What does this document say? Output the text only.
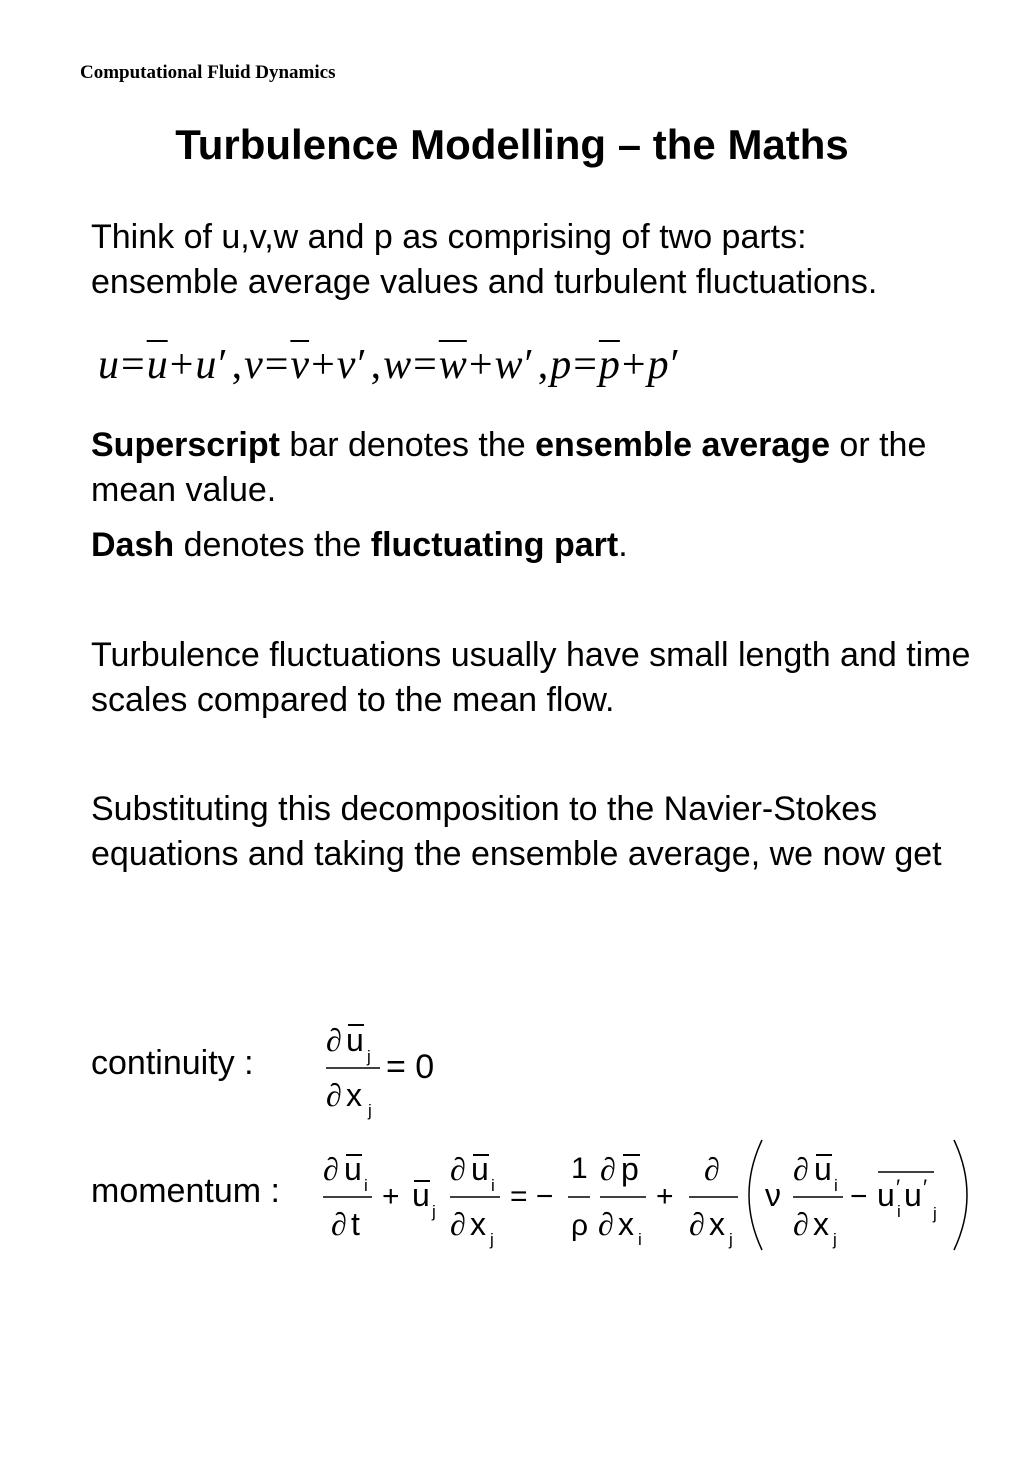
Computational Fluid Dynamics
Turbulence Modelling – the Maths
Think of u,v,w and p as comprising of two parts:
ensemble average values and turbulent fluctuations.
$u=\overline{u}+u',v=\overline{v}+v',w=\overline{w}+w',p=\overline{p}+p'$
Superscript bar denotes the ensemble average or the mean value.
Dash denotes the fluctuating part.
Turbulence fluctuations usually have small length and time scales compared to the mean flow.
Substituting this decomposition to the Navier-Stokes equations and taking the ensemble average, we now get
continuity :
momentum :
∂ u j
∂ x j
= 0
∂ u i
∂ t
+ u j
∂ u i
∂ x j
= −
1
ρ
∂ p
∂ x i
+
∂
∂ x j
ν
∂ u i
∂ x j
− u ′
i u ′
j
